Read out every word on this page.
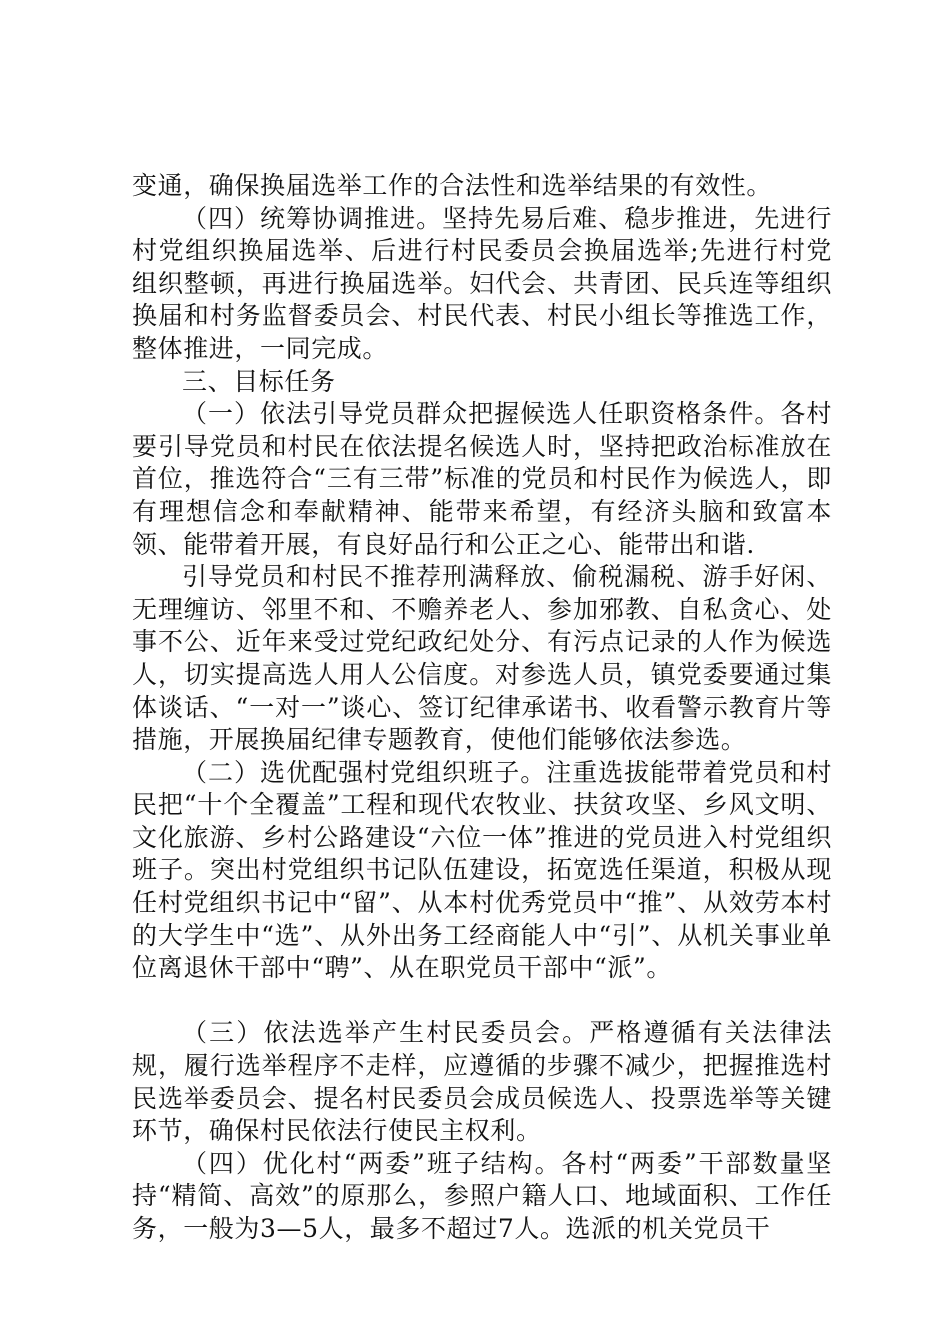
变通，确保换届选举工作的合法性和选举结果的有效性。

（四）统筹协调推进。坚持先易后难、稳步推进，先进行村党组织换届选举、后进行村民委员会换届选举;先进行村党组织整顿，再进行换届选举。妇代会、共青团、民兵连等组织换届和村务监督委员会、村民代表、村民小组长等推选工作，整体推进，一同完成。

三、目标任务

（一）依法引导党员群众把握候选人任职资格条件。各村要引导党员和村民在依法提名候选人时，坚持把政治标准放在首位，推选符合“三有三带”标准的党员和村民作为候选人，即有理想信念和奉献精神、能带来希望，有经济头脑和致富本领、能带着开展，有良好品行和公正之心、能带出和谐.

引导党员和村民不推荐刑满释放、偷税漏税、游手好闲、无理缠访、邻里不和、不赡养老人、参加邪教、自私贪心、处事不公、近年来受过党纪政纪处分、有污点记录的人作为候选人，切实提高选人用人公信度。对参选人员，镇党委要通过集体谈话、“一对一”谈心、签订纪律承诺书、收看警示教育片等措施，开展换届纪律专题教育，使他们能够依法参选。

（二）选优配强村党组织班子。注重选拔能带着党员和村民把“十个全覆盖”工程和现代农牧业、扶贫攻坚、乡风文明、文化旅游、乡村公路建设“六位一体”推进的党员进入村党组织班子。突出村党组织书记队伍建设，拓宽选任渠道，积极从现任村党组织书记中“留”、从本村优秀党员中“推”、从效劳本村的大学生中“选”、从外出务工经商能人中“引”、从机关事业单位离退休干部中“聘”、从在职党员干部中“派”。

（三）依法选举产生村民委员会。严格遵循有关法律法规，履行选举程序不走样，应遵循的步骤不减少，把握推选村民选举委员会、提名村民委员会成员候选人、投票选举等关键环节，确保村民依法行使民主权利。

（四）优化村“两委”班子结构。各村“两委”干部数量坚持“精简、高效”的原那么，参照户籍人口、地域面积、工作任务，一般为3—5人，最多不超过7人。选派的机关党员干
